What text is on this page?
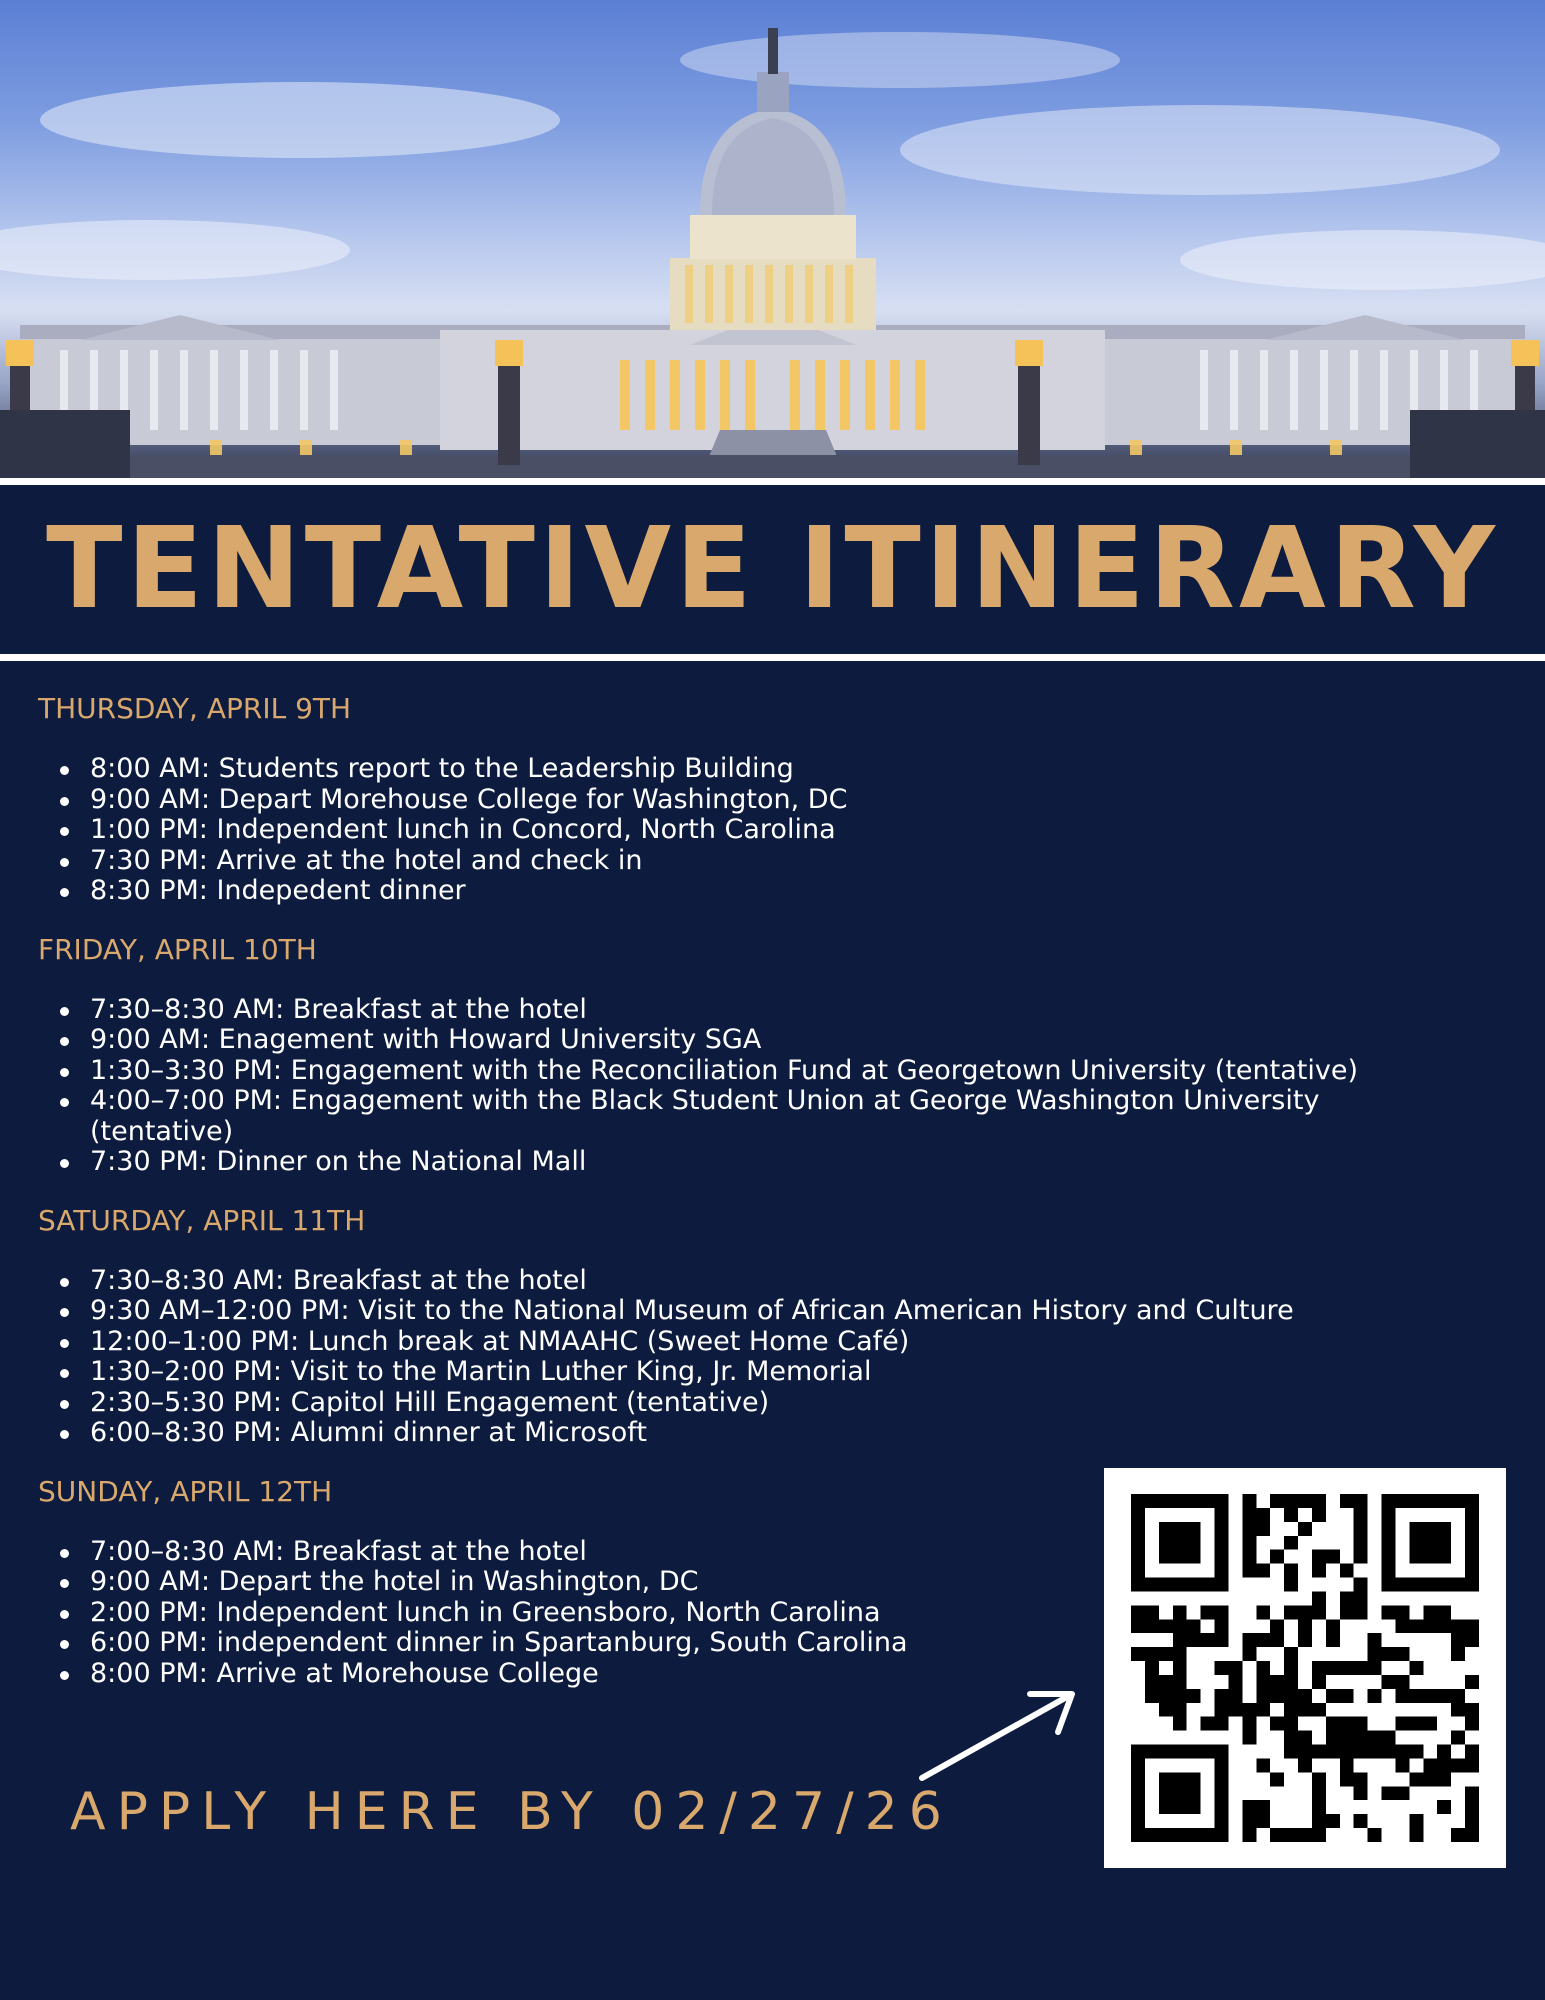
TENTATIVE ITINERARY
THURSDAY, APRIL 9TH
8:00 AM: Students report to the Leadership Building
9:00 AM: Depart Morehouse College for Washington, DC
1:00 PM: Independent lunch in Concord, North Carolina
7:30 PM: Arrive at the hotel and check in
8:30 PM: Indepedent dinner
FRIDAY, APRIL 10TH
7:30–8:30 AM: Breakfast at the hotel
9:00 AM: Enagement with Howard University SGA
1:30–3:30 PM: Engagement with the Reconciliation Fund at Georgetown University (tentative)
4:00–7:00 PM: Engagement with the Black Student Union at George Washington University (tentative)
7:30 PM: Dinner on the National Mall
SATURDAY, APRIL 11TH
7:30–8:30 AM: Breakfast at the hotel
9:30 AM–12:00 PM: Visit to the National Museum of African American History and Culture
12:00–1:00 PM: Lunch break at NMAAHC (Sweet Home Café)
1:30–2:00 PM: Visit to the Martin Luther King, Jr. Memorial
2:30–5:30 PM: Capitol Hill Engagement (tentative)
6:00–8:30 PM: Alumni dinner at Microsoft
SUNDAY, APRIL 12TH
7:00–8:30 AM: Breakfast at the hotel
9:00 AM: Depart the hotel in Washington, DC
2:00 PM: Independent lunch in Greensboro, North Carolina
6:00 PM: independent dinner in Spartanburg, South Carolina
8:00 PM: Arrive at Morehouse College

APPLY HERE BY 02/27/26
